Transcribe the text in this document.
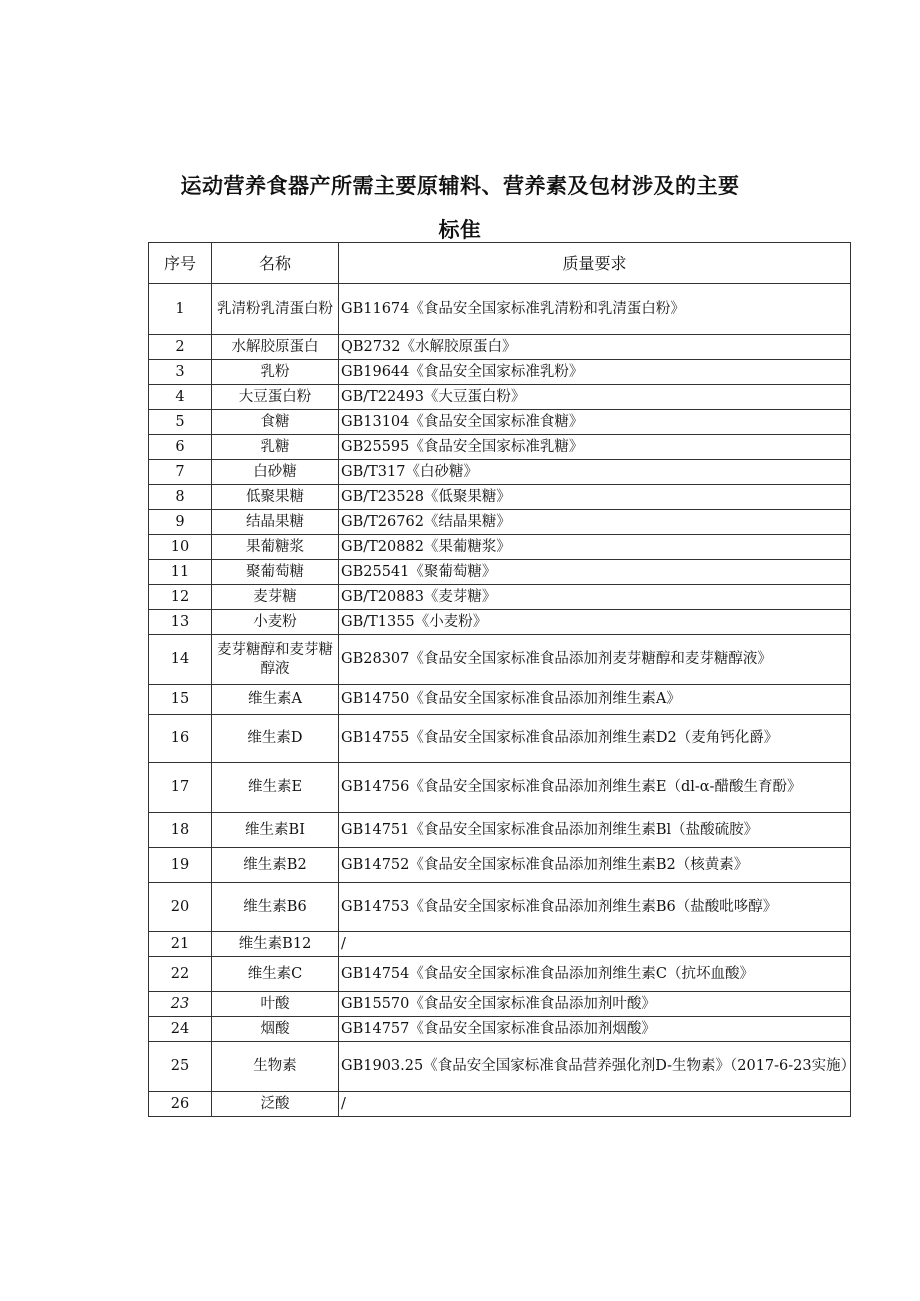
运动营养食器产所需主要原辅料、营养素及包材涉及的主要
标隹
序号	名称	质量要求
1	乳清粉乳清蛋白粉	GB11674《食品安全国家标准乳清粉和乳清蛋白粉》
2	水解胶原蛋白	QB2732《水解胶原蛋白》
3	乳粉	GB19644《食品安全国家标准乳粉》
4	大豆蛋白粉	GB/T22493《大豆蛋白粉》
5	食糖	GB13104《食品安全国家标准食糖》
6	乳糖	GB25595《食品安全国家标准乳糖》
7	白砂糖	GB/T317《白砂糖》
8	低聚果糖	GB/T23528《低聚果糖》
9	结晶果糖	GB/T26762《结晶果糖》
10	果葡糖浆	GB/T20882《果葡糖浆》
11	聚葡萄糖	GB25541《聚葡萄糖》
12	麦芽糖	GB/T20883《麦芽糖》
13	小麦粉	GB/T1355《小麦粉》
14	麦芽糖醇和麦芽糖醇液	GB28307《食品安全国家标准食品添加剂麦芽糖醇和麦芽糖醇液》
15	维生素A	GB14750《食品安全国家标准食品添加剂维生素A》
16	维生素D	GB14755《食品安全国家标准食品添加剂维生素D2（麦角钙化爵》
17	维生素E	GB14756《食品安全国家标准食品添加剂维生素E（dl-α-醋酸生育酚》
18	维生素BI	GB14751《食品安全国家标准食品添加剂维生素Bl（盐酸硫胺》
19	维生素B2	GB14752《食品安全国家标准食品添加剂维生素B2（核黄素》
20	维生素B6	GB14753《食品安全国家标准食品添加剂维生素B6（盐酸吡哆醇》
21	维生素B12	/
22	维生素C	GB14754《食品安全国家标准食品添加剂维生素C（抗坏血酸》
23	叶酸	GB15570《食品安全国家标准食品添加剂叶酸》
24	烟酸	GB14757《食品安全国家标准食品添加剂烟酸》
25	生物素	GB1903.25《食品安全国家标准食品营养强化剂D-生物素》（2017-6-23实施）
26	泛酸	/
